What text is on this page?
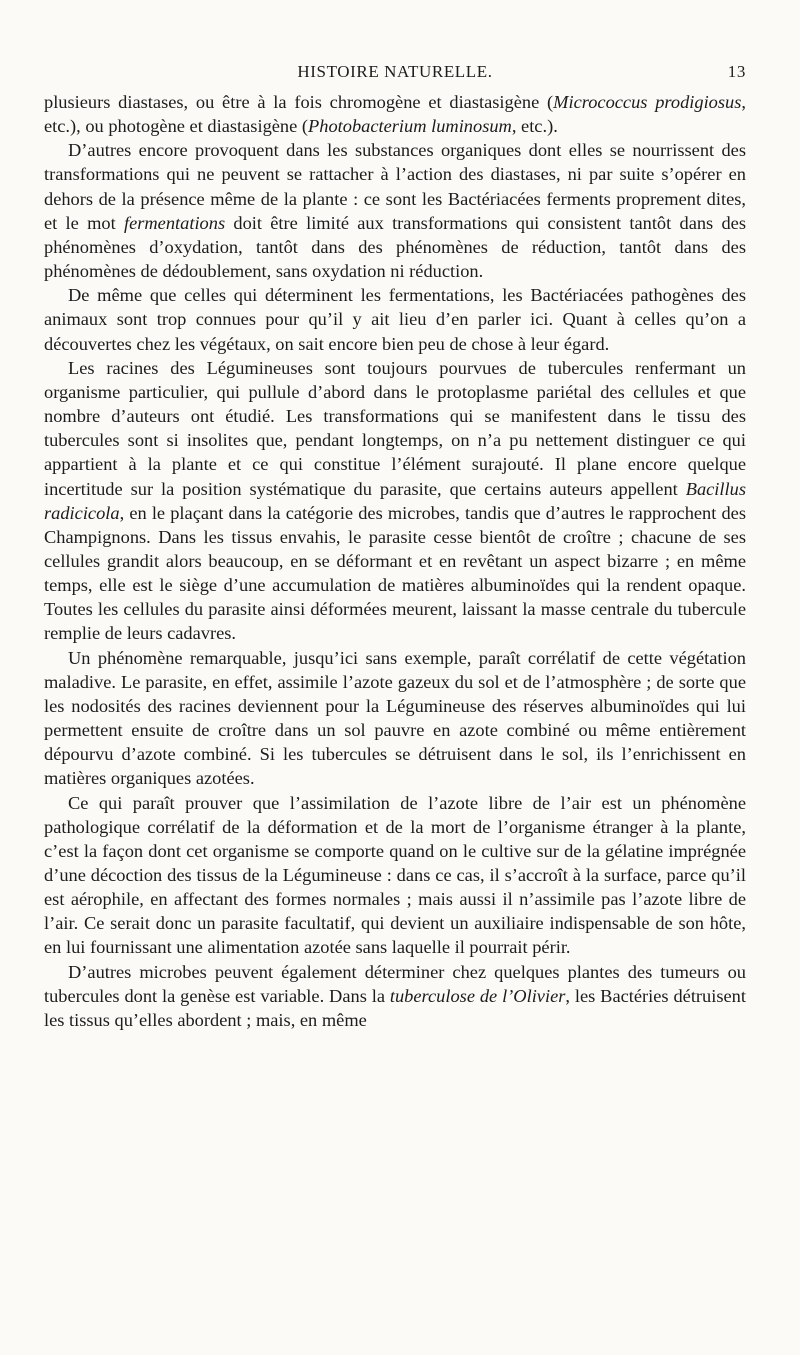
HISTOIRE NATURELLE.	13

plusieurs diastases, ou être à la fois chromogène et diastasigène (Micrococcus prodigiosus, etc.), ou photogène et diastasigène (Photobacterium luminosum, etc.).

D’autres encore provoquent dans les substances organiques dont elles se nourrissent des transformations qui ne peuvent se rattacher à l’action des diastases, ni par suite s’opérer en dehors de la présence même de la plante : ce sont les Bactériacées ferments proprement dites, et le mot fermentations doit être limité aux transformations qui consistent tantôt dans des phénomènes d’oxydation, tantôt dans des phénomènes de réduction, tantôt dans des phénomènes de dédoublement, sans oxydation ni réduction.

De même que celles qui déterminent les fermentations, les Bactériacées pathogènes des animaux sont trop connues pour qu’il y ait lieu d’en parler ici. Quant à celles qu’on a découvertes chez les végétaux, on sait encore bien peu de chose à leur égard.

Les racines des Légumineuses sont toujours pourvues de tubercules renfermant un organisme particulier, qui pullule d’abord dans le protoplasme pariétal des cellules et que nombre d’auteurs ont étudié. Les transformations qui se manifestent dans le tissu des tubercules sont si insolites que, pendant longtemps, on n’a pu nettement distinguer ce qui appartient à la plante et ce qui constitue l’élément surajouté. Il plane encore quelque incertitude sur la position systématique du parasite, que certains auteurs appellent Bacillus radicicola, en le plaçant dans la catégorie des microbes, tandis que d’autres le rapprochent des Champignons. Dans les tissus envahis, le parasite cesse bientôt de croître ; chacune de ses cellules grandit alors beaucoup, en se déformant et en revêtant un aspect bizarre ; en même temps, elle est le siège d’une accumulation de matières albuminoïdes qui la rendent opaque. Toutes les cellules du parasite ainsi déformées meurent, laissant la masse centrale du tubercule remplie de leurs cadavres.

Un phénomène remarquable, jusqu’ici sans exemple, paraît corrélatif de cette végétation maladive. Le parasite, en effet, assimile l’azote gazeux du sol et de l’atmosphère ; de sorte que les nodosités des racines deviennent pour la Légumineuse des réserves albuminoïdes qui lui permettent ensuite de croître dans un sol pauvre en azote combiné ou même entièrement dépourvu d’azote combiné. Si les tubercules se détruisent dans le sol, ils l’enrichissent en matières organiques azotées.

Ce qui paraît prouver que l’assimilation de l’azote libre de l’air est un phénomène pathologique corrélatif de la déformation et de la mort de l’organisme étranger à la plante, c’est la façon dont cet organisme se comporte quand on le cultive sur de la gélatine imprégnée d’une décoction des tissus de la Légumineuse : dans ce cas, il s’accroît à la surface, parce qu’il est aérophile, en affectant des formes normales ; mais aussi il n’assimile pas l’azote libre de l’air. Ce serait donc un parasite facultatif, qui devient un auxiliaire indispensable de son hôte, en lui fournissant une alimentation azotée sans laquelle il pourrait périr.

D’autres microbes peuvent également déterminer chez quelques plantes des tumeurs ou tubercules dont la genèse est variable. Dans la tuberculose de l’Olivier, les Bactéries détruisent les tissus qu’elles abordent ; mais, en même
